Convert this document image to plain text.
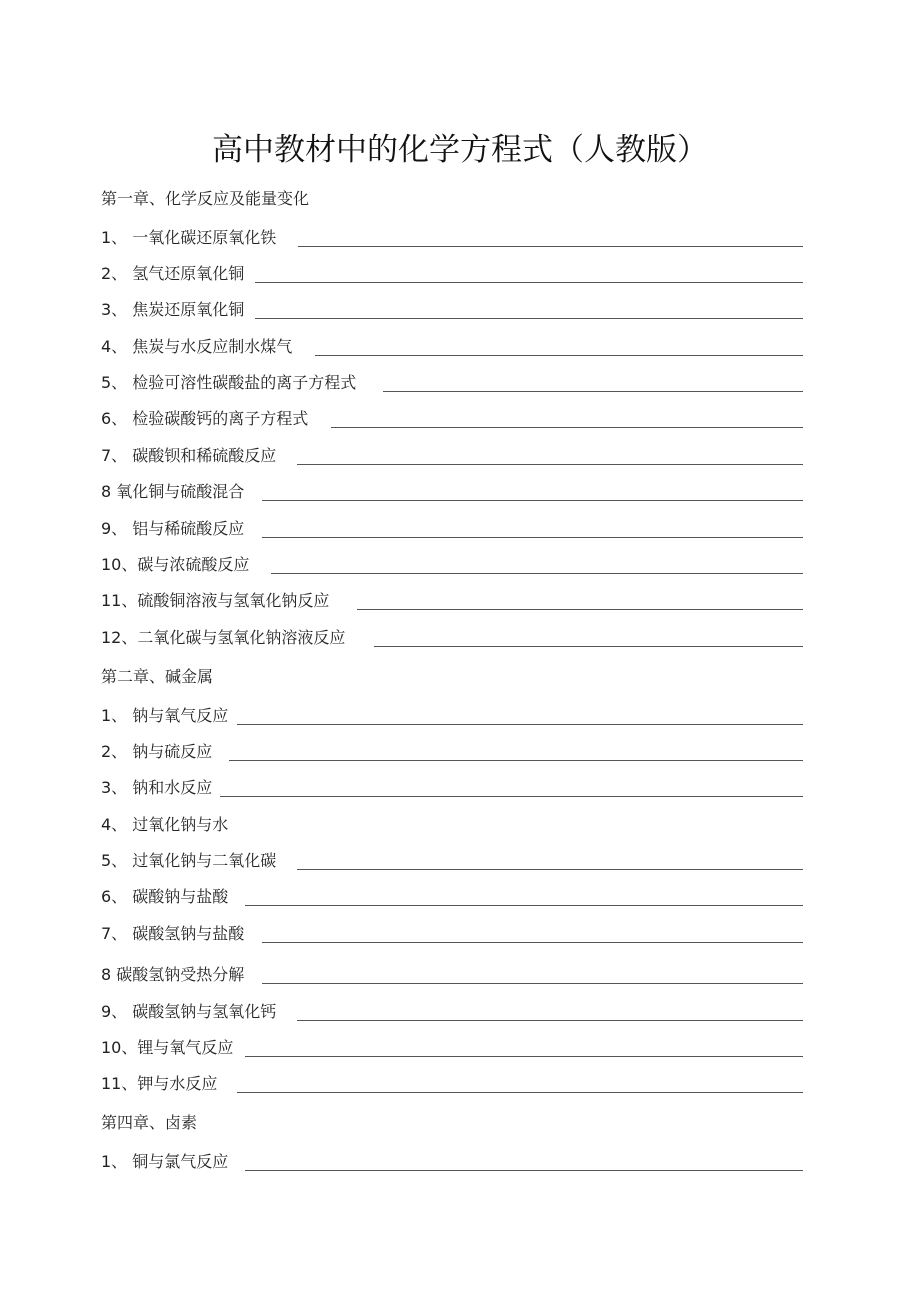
高中教材中的化学方程式（人教版）
第一章、化学反应及能量变化
1、 一氧化碳还原氧化铁
2、 氢气还原氧化铜
3、 焦炭还原氧化铜
4、 焦炭与水反应制水煤气
5、 检验可溶性碳酸盐的离子方程式
6、 检验碳酸钙的离子方程式
7、 碳酸钡和稀硫酸反应
8 氧化铜与硫酸混合
9、 铝与稀硫酸反应
10、碳与浓硫酸反应
11、硫酸铜溶液与氢氧化钠反应
12、二氧化碳与氢氧化钠溶液反应
第二章、碱金属
1、 钠与氧气反应
2、 钠与硫反应
3、 钠和水反应
4、 过氧化钠与水
5、 过氧化钠与二氧化碳
6、 碳酸钠与盐酸
7、 碳酸氢钠与盐酸
8 碳酸氢钠受热分解
9、 碳酸氢钠与氢氧化钙
10、锂与氧气反应
11、钾与水反应
第四章、卤素
1、 铜与氯气反应
